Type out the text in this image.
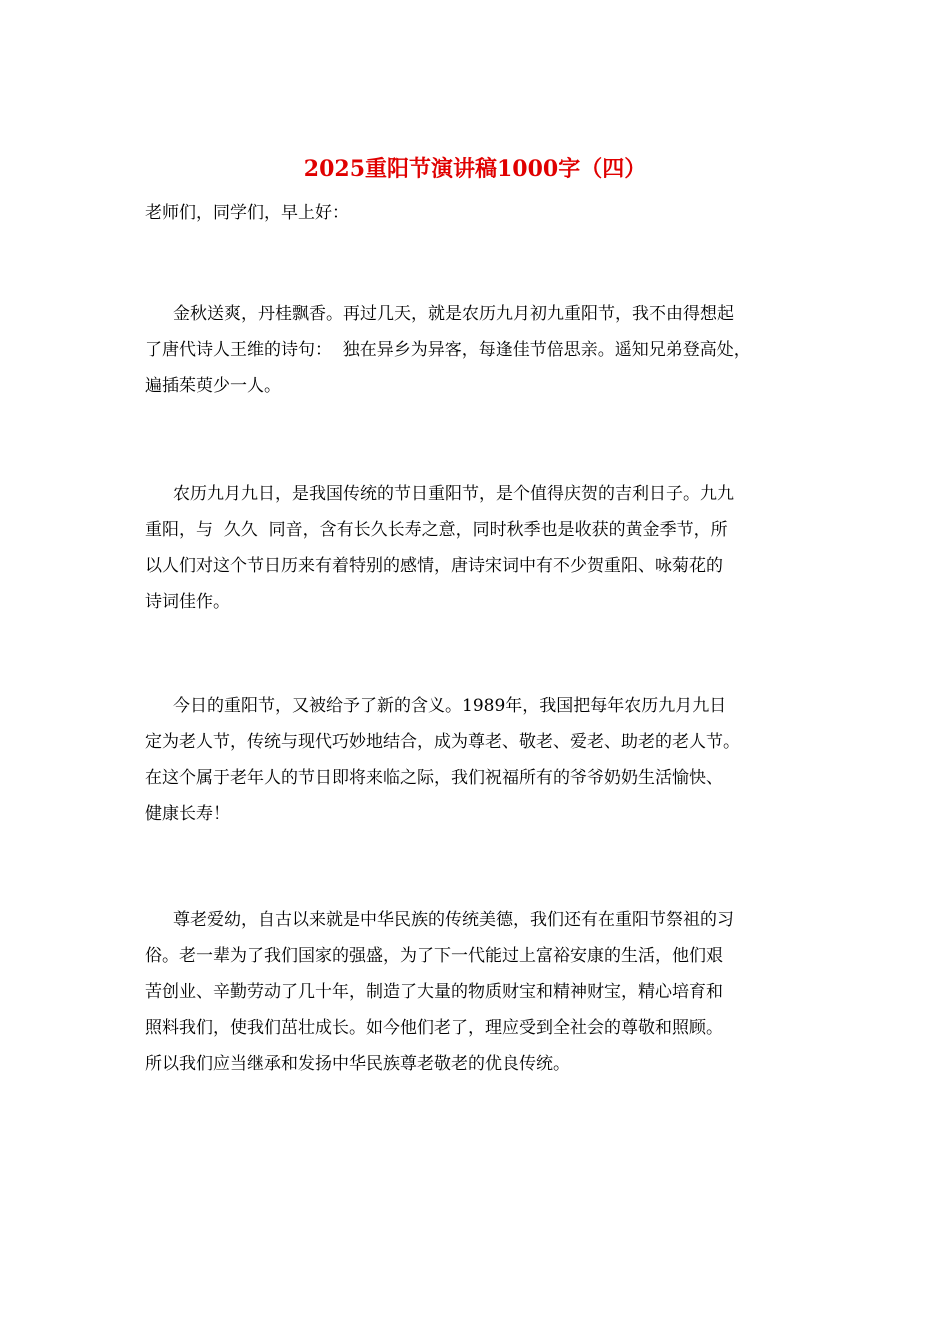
2025重阳节演讲稿1000字（四）
老师们，同学们，早上好：
金秋送爽，丹桂飘香。再过几天，就是农历九月初九重阳节，我不由得想起
了唐代诗人王维的诗句：  独在异乡为异客，每逢佳节倍思亲。遥知兄弟登高处，
遍插茱萸少一人。
农历九月九日，是我国传统的节日重阳节，是个值得庆贺的吉利日子。九九
重阳，与  久久  同音，含有长久长寿之意，同时秋季也是收获的黄金季节，所
以人们对这个节日历来有着特别的感情，唐诗宋词中有不少贺重阳、咏菊花的
诗词佳作。
今日的重阳节，又被给予了新的含义。1989年，我国把每年农历九月九日
定为老人节，传统与现代巧妙地结合，成为尊老、敬老、爱老、助老的老人节。
在这个属于老年人的节日即将来临之际，我们祝福所有的爷爷奶奶生活愉快、
健康长寿！
尊老爱幼，自古以来就是中华民族的传统美德，我们还有在重阳节祭祖的习
俗。老一辈为了我们国家的强盛，为了下一代能过上富裕安康的生活，他们艰
苦创业、辛勤劳动了几十年，制造了大量的物质财宝和精神财宝，精心培育和
照料我们，使我们茁壮成长。如今他们老了，理应受到全社会的尊敬和照顾。
所以我们应当继承和发扬中华民族尊老敬老的优良传统。
